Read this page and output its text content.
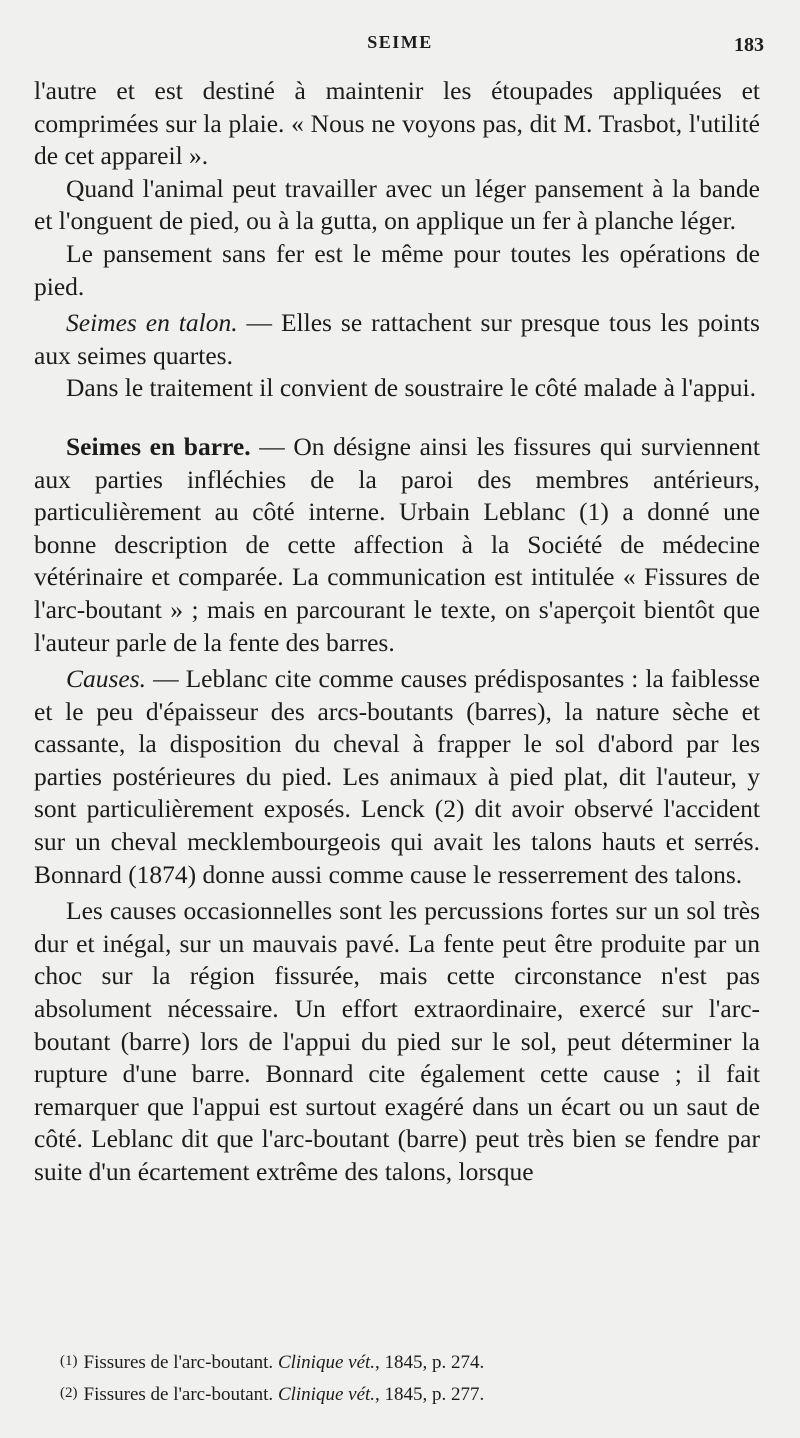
SEIME	183

l'autre et est destiné à maintenir les étoupades appliquées et comprimées sur la plaie. « Nous ne voyons pas, dit M. Trasbot, l'utilité de cet appareil ».

Quand l'animal peut travailler avec un léger pansement à la bande et l'onguent de pied, ou à la gutta, on applique un fer à planche léger.

Le pansement sans fer est le même pour toutes les opérations de pied.

Seimes en talon. — Elles se rattachent sur presque tous les points aux seimes quartes.

Dans le traitement il convient de soustraire le côté malade à l'appui.

Seimes en barre. — On désigne ainsi les fissures qui surviennent aux parties infléchies de la paroi des membres antérieurs, particulièrement au côté interne. Urbain Leblanc (1) a donné une bonne description de cette affection à la Société de médecine vétérinaire et comparée. La communication est intitulée « Fissures de l'arc-boutant » ; mais en parcourant le texte, on s'aperçoit bientôt que l'auteur parle de la fente des barres.

Causes. — Leblanc cite comme causes prédisposantes : la faiblesse et le peu d'épaisseur des arcs-boutants (barres), la nature sèche et cassante, la disposition du cheval à frapper le sol d'abord par les parties postérieures du pied. Les animaux à pied plat, dit l'auteur, y sont particulièrement exposés. Lenck (2) dit avoir observé l'accident sur un cheval mecklembourgeois qui avait les talons hauts et serrés. Bonnard (1874) donne aussi comme cause le resserrement des talons.

Les causes occasionnelles sont les percussions fortes sur un sol très dur et inégal, sur un mauvais pavé. La fente peut être produite par un choc sur la région fissurée, mais cette circonstance n'est pas absolument nécessaire. Un effort extraordinaire, exercé sur l'arc-boutant (barre) lors de l'appui du pied sur le sol, peut déterminer la rupture d'une barre. Bonnard cite également cette cause ; il fait remarquer que l'appui est surtout exagéré dans un écart ou un saut de côté. Leblanc dit que l'arc-boutant (barre) peut très bien se fendre par suite d'un écartement extrême des talons, lorsque

(1) Fissures de l'arc-boutant. Clinique vét., 1845, p. 274.
(2) Fissures de l'arc-boutant. Clinique vét., 1845, p. 277.
